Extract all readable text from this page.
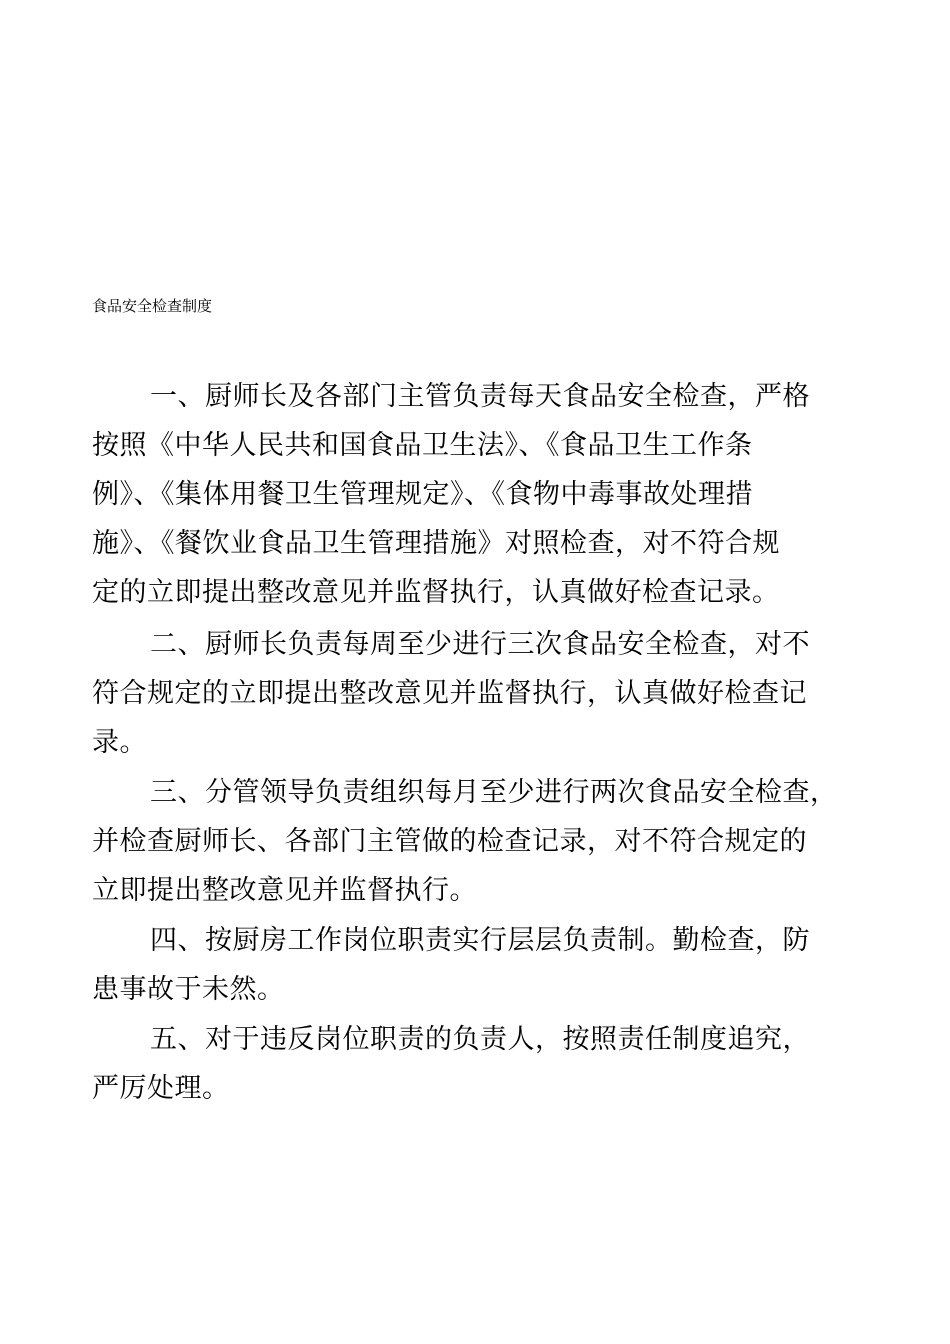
食品安全检查制度
一、厨师长及各部门主管负责每天食品安全检查，严格
按照《中华人民共和国食品卫生法》、《食品卫生工作条
例》、《集体用餐卫生管理规定》、《食物中毒事故处理措
施》、《餐饮业食品卫生管理措施》对照检查，对不符合规
定的立即提出整改意见并监督执行，认真做好检查记录。
二、厨师长负责每周至少进行三次食品安全检查，对不
符合规定的立即提出整改意见并监督执行，认真做好检查记
录。
三、分管领导负责组织每月至少进行两次食品安全检查，
并检查厨师长、各部门主管做的检查记录，对不符合规定的
立即提出整改意见并监督执行。
四、按厨房工作岗位职责实行层层负责制。勤检查，防
患事故于未然。
五、对于违反岗位职责的负责人，按照责任制度追究，
严厉处理。
